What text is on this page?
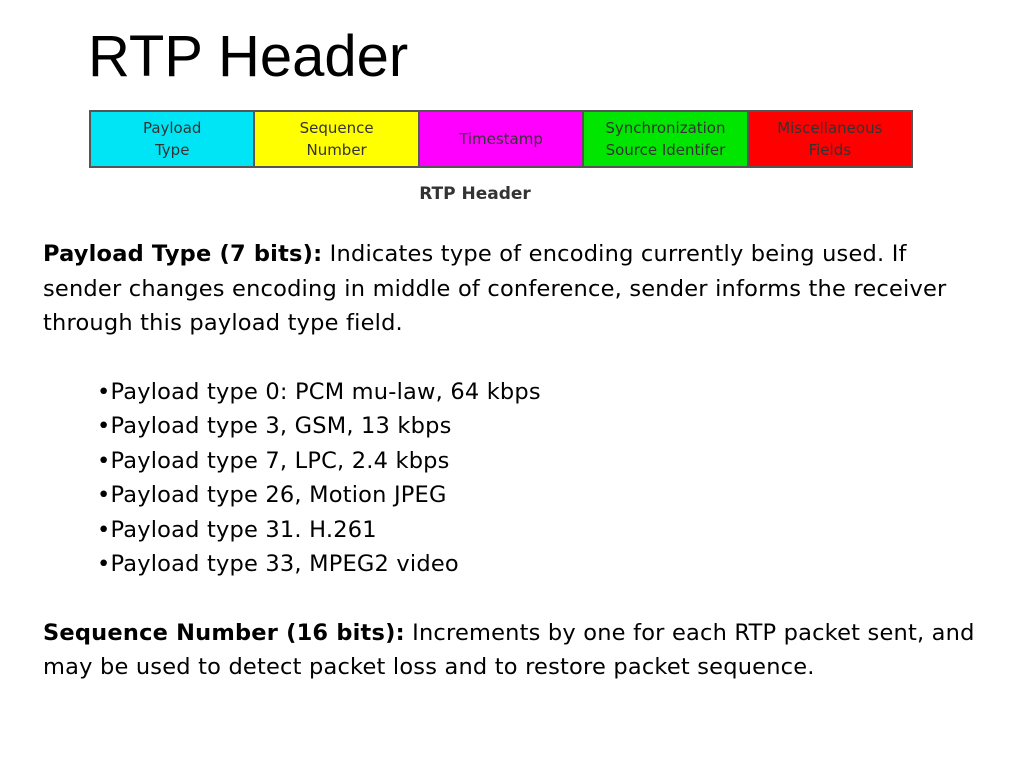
RTP Header
Payload
Type
Sequence
Number
Timestamp
Synchronization
Source Identifer
Miscellaneous
Fields
RTP Header

Payload Type (7 bits): Indicates type of encoding currently being used. If sender changes encoding in middle of conference, sender informs the receiver through this payload type field.

•Payload type 0: PCM mu-law, 64 kbps
•Payload type 3, GSM, 13 kbps
•Payload type 7, LPC, 2.4 kbps
•Payload type 26, Motion JPEG
•Payload type 31. H.261
•Payload type 33, MPEG2 video

Sequence Number (16 bits): Increments by one for each RTP packet sent, and may be used to detect packet loss and to restore packet sequence.
